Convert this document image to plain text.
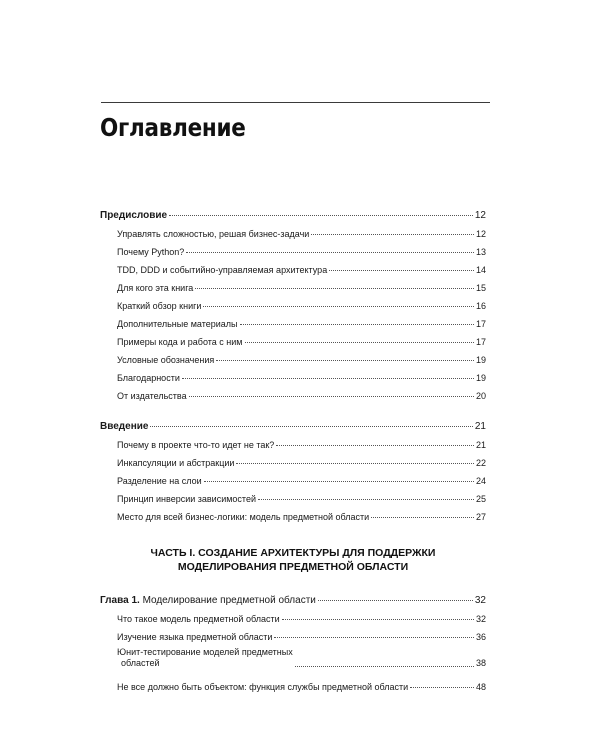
Оглавление
Предисловие	12
Управлять сложностью, решая бизнес-задачи	12
Почему Python?	13
TDD, DDD и событийно-управляемая архитектура	14
Для кого эта книга	15
Краткий обзор книги	16
Дополнительные материалы	17
Примеры кода и работа с ним	17
Условные обозначения	19
Благодарности	19
От издательства	20
Введение	21
Почему в проекте что-то идет не так?	21
Инкапсуляции и абстракции	22
Разделение на слои	24
Принцип инверсии зависимостей	25
Место для всей бизнес-логики: модель предметной области	27
ЧАСТЬ I. СОЗДАНИЕ АРХИТЕКТУРЫ ДЛЯ ПОДДЕРЖКИ
МОДЕЛИРОВАНИЯ ПРЕДМЕТНОЙ ОБЛАСТИ
Глава 1. Моделирование предметной области	32
Что такое модель предметной области	32
Изучение языка предметной области	36
Юнит-тестирование моделей предметных
областей	38
Не все должно быть объектом: функция службы предметной области	48
